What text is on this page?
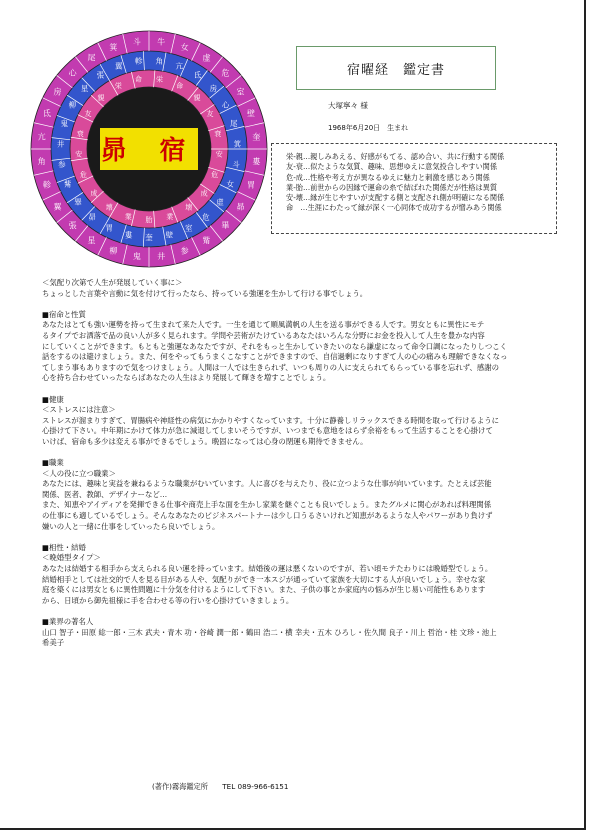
牛
女
虚
危
室
壁
奎
婁
胃
昴
畢
觜
参
井
鬼
柳
星
張
翼
軫
角
亢
氐
房
心
尾
箕
斗
角
亢
氐
房
心
尾
箕
斗
女
虚
危
室
壁
奎
婁
胃
昴
畢
觜
参
井
鬼
柳
星
張
翼
軫
栄
命
親
友
衰
安
危
成
壊
業
胎
業
壊
成
危
安
衰
友
親
栄
命
昴 宿
宿曜経　鑑定書
大塚寧々 様
1968年6月20日　生まれ
栄-親…親しみあえる、好感がもてる、認め合い、共に行動する関係
友-衰…似たような気質、趣味、思想ゆえに意気投合しやすい関係
危-成…性格や考え方が異なるゆえに魅力と刺激を感じあう関係
業-胎…前世からの因縁で運命の糸で結ばれた関係だが性格は異質
安-壊…縁が生じやすいが支配する側と支配され側が明確になる関係
命　…生涯にわたって縁が深く一心同体で成功するが憎みあう関係

＜気配り次第で人生が発展していく事に＞

ちょっとした言葉や言動に気を付けて行ったなら、持っている強運を生かして行ける事でしょう。

■宿命と性質

あなたはとても強い運勢を持って生まれて来た人です。一生を通じて順風満帆の人生を送る事ができる人です。男女ともに異性にモテ

るタイプでお洒落で品の良い人が多く見られます。学問や芸術がたけているあなたはいろんな分野にお金を投入して人生を豊かな内容

にしていくことができます。もともと強運なあなたですが、それをもっと生かしていきたいのなら謙虚になって命令口調になったりしつこく

話をするのは避けましょう。また、何をやってもうまくこなすことができますので、自信過剰になりすぎて人の心の痛みも理解できなくなっ

てしまう事もありますので気をつけましょう。人間は一人では生きられず、いつも周りの人に支えられてもらっている事を忘れず、感謝の

心を持ち合わせていったならばあなたの人生はより発展して輝きを増すことでしょう。

■健康

＜ストレスには注意＞

ストレスが溜まりすぎて、胃腸病や神経性の病気にかかりやすくなっています。十分に静養しリラックスできる時間を取って行けるように

心掛けて下さい。中年期にかけて体力が急に減退してしまいそうですが、いつまでも意地をはらず余裕をもって生活することを心掛けて

いけば、宿命も多少は変える事ができるでしょう。晩固になっては心身の閉運も期待できません。

■職業

＜人の役に立つ職業＞

あなたには、趣味と実益を兼ねるような職業がむいています。人に喜びを与えたり、役に立つような仕事が向いています。たとえば芸能

関係、医者、教師、デザイナーなど…

また、知恵やアイディアを発揮できる仕事や商売上手な面を生かし家業を継ぐことも良いでしょう。またグルメに関心があれば料理関係

の仕事にも適しているでしょう。そんなあなたのビジネスパートナーは少し口うるさいけれど知恵があるような人やパワーがあり負けず

嫌いの人と一緒に仕事をしていったら良いでしょう。

■相性・結婚

＜晩婚型タイプ＞

あなたは結婚する相手から支えられる良い運を持っています。結婚後の運は悪くないのですが、若い頃モテたわりには晩婚型でしょう。

結婚相手としては社交的で人を見る目がある人や、気配りができ一本スジが通っていて家族を大切にする人が良いでしょう。幸せな家

庭を築くには男女ともに異性問題に十分気を付けるようにして下さい。また、子供の事とか家庭内の悩みが生じ易い可能性もあります

から、日頃から御先祖様に手を合わせる等の行いを心掛けていきましょう。

■業界の著名人

山口 智子・田原 総一郎・三木 武夫・青木 功・谷崎 潤一郎・鶴田 浩二・横 幸夫・五木 ひろし・佐久間 良子・川上 哲治・桂 文珍・池上

希美子

(著作)霧海鑑定所　　TEL 089-966-6151
